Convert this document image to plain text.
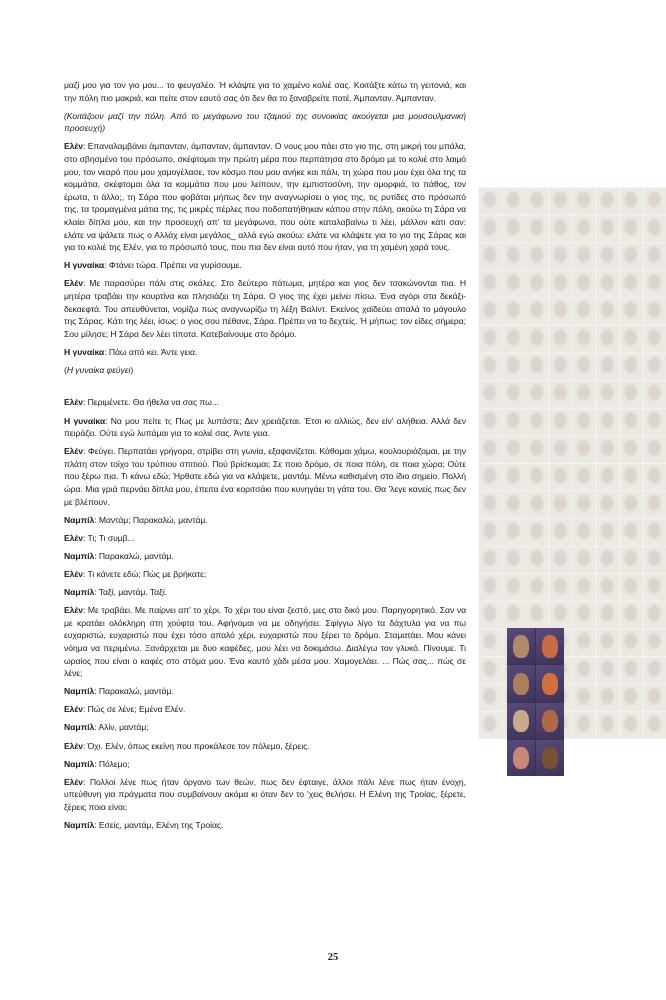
μαζί μου για τον γιο μου... το φευγαλέο. Ή κλάψτε για το χαμένο κολιέ σας. Κοιτάξτε κάτω τη γειτονιά, και την πόλη πιο μακριά, και πείτε στον εαυτό σας ότι δεν θα το ξαναβρείτε ποτέ. Άμπανταν. Άμπανταν.

(Κοιτάζουν μαζί την πόλη. Από το μεγάφωνο του τζαμιού της συνοικίας ακούγεται μια μουσουλμανική προσευχή)

Ελέν: Επαναλαμβάνει άμπανταν, άμπανταν, άμπανταν. Ο νους μου πάει στο γιο της, στη μικρή του μπάλα, στο σβησμένο του πρόσωπο, σκέφτομαι την πρώτη μέρα που περπάτησα στο δρόμο με το κολιέ στο λαιμό μου, τον νεαρό που μου χαμογέλασε, τον κόσμο που μου ανήκε και πάλι, τη χώρα που μου έχει όλα της τα κομμάτια, σκέφτομαι όλα τα κομμάτια που μου λείπουν, την εμπιστοσύνη, την ομορφιά, το πάθος, τον έρωτα, τι άλλο;, τη Σάρα που φοβάται μήπως δεν την αναγνωρίσει ο γιος της, τις ρυτίδες στο πρόσωπό της, τα τρομαγμένα μάτια της, τις μικρές πέρλες που ποδοπατήθηκαν κάπου στην πόλη, ακούω τη Σάρα να κλαίει δίπλα μου, και την προσευχή απ' τα μεγάφωνα, που ούτε καταλαβαίνω τι λέει, μάλλον κάτι σαν: ελάτε να ψάλετε πως ο Αλλάχ είναι μεγάλος_ αλλά εγώ ακούω: ελάτε να κλάψετε για το γιο της Σάρας και για το κολιέ της Ελέν, για το πρόσωπό τους, που πια δεν είναι αυτό που ήταν, για τη χαμένη χαρά τους.

Η γυναίκα: Φτάνει τώρα. Πρέπει να γυρίσουμε.

Ελέν: Με παρασύρει πάλι στις σκάλες. Στο δεύτερο πάτωμα, μητέρα και γιος δεν τσακώνονται πια. Η μητέρα τραβάει την κουρτίνα και πλησιάζει τη Σάρα. Ο γιος της έχει μείνει πίσω. Ένα αγόρι στα δεκάξι-δεκαεφτά. Του απευθύνεται, νομίζω πως αναγνωρίζω τη λέξη Βαλίντ. Εκείνος χαϊδεύει απαλά το μάγουλο της Σάρας. Κάτι της λέει, ίσως: ο γιος σου πέθανε, Σάρα. Πρέπει να το δεχτείς. Ή μήπως: τον είδες σήμερα; Σου μίλησε; Η Σάρα δεν λέει τίποτα. Κατεβαίνουμε στο δρόμο.

Η γυναίκα: Πάω από κει. Άντε γεια.

(Η γυναίκα φεύγει)

Ελέν: Περιμένετε. Θα ήθελα να σας πω...

Η γυναίκα: Να μου πείτε τι; Πως με λυπάστε; Δεν χρειάζεται. Έτσι κι αλλιώς, δεν είν' αλήθεια. Αλλά δεν πειράζει. Ούτε εγώ λυπάμαι για το κολιέ σας. Άντε γεια.

Ελέν: Φεύγει. Περπατάει γρήγορα, στρίβει στη γωνία, εξαφανίζεται. Κάθομαι χάμω, κουλουριάζομαι, με την πλάτη στον τοίχο του τρύπιου σπιτιού. Πού βρίσκομαι; Σε ποιο δρόμο, σε ποια πόλη, σε ποια χώρα; Ούτε που ξέρω πια. Τι κάνω εδώ; Ήρθατε εδώ για να κλάψετε, μαντάμ. Μένω καθισμένη στο ίδιο σημείο. Πολλή ώρα. Μια γριά περνάει δίπλα μου, έπειτα ένα κοριτσάκι που κυνηγάει τη γάτα του. Θα 'λεγε κανείς πως δεν με βλέπουν.

Ναμπίλ: Μαντάμ; Παρακαλώ, μαντάμ.

Ελέν: Τι; Τι συμβ...

Ναμπίλ: Παρακαλώ, μαντάμ.

Ελέν: Τι κάνετε εδώ; Πώς με βρήκατε;

Ναμπίλ: Ταξί, μαντάμ. Ταξί.

Ελέν: Με τραβάει. Με παίρνει απ' το χέρι. Το χέρι του είναι ζεστό, μες στο δικό μου. Παρηγορητικό. Σαν να με κρατάει ολόκληρη στη χούφτα του. Αφήνομαι να με οδηγήσει. Σφίγγω λίγο τα δάχτυλα για να πω ευχαριστώ, ευχαριστώ που έχει τόσο απαλό χέρι, ευχαριστώ που ξέρει το δρόμο. Σταματάει. Μου κάνει νόημα να περιμένω. Ξανάρχεται με δυο καφέδες, μου λέει να δοκιμάσω. Διαλέγω τον γλυκό. Πίνουμε. Τι ωραίος που είναι ο καφές στο στόμα μου. Ένα καυτό χάδι μέσα μου. Χαμογελάει. ... Πώς σας... πώς σε λένε;

Ναμπίλ: Παρακαλώ, μαντάμ.

Ελέν: Πώς σε λένε; Εμένα Ελέν.

Ναμπίλ: Αλίν, μαντάμ;

Ελέν: Όχι. Ελέν, όπως εκείνη που προκάλεσε τον πόλεμο, ξέρεις.

Ναμπίλ: Πόλεμο;

Ελέν: Πολλοί λένε πως ήταν όργανο των θεών, πως δεν έφταιγε, άλλοι πάλι λένε πως ήταν ένοχη, υπεύθυνη για πράγματα που συμβαίνουν ακόμα κι όταν δεν το 'χεις θελήσει. Η Ελένη της Τροίας, ξέρετε, ξέρεις ποια είναι;

Ναμπίλ: Εσείς, μαντάμ, Ελένη της Τροίας.

25
